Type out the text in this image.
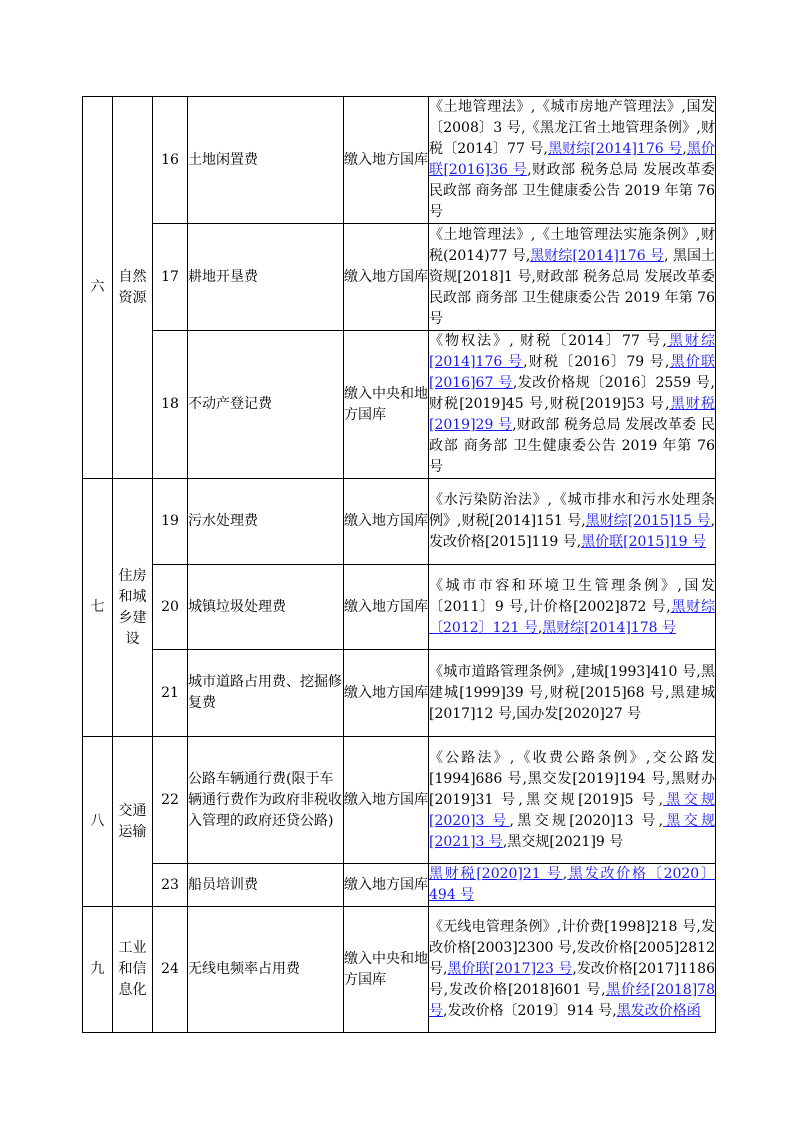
六	自然资源	16	土地闲置费	缴入地方国库	《土地管理法》,《城市房地产管理法》,国发〔2008〕3 号,《黑龙江省土地管理条例》,财税〔2014〕77 号,黑财综[2014]176 号,黑价联[2016]36 号,财政部 税务总局 发展改革委 民政部 商务部 卫生健康委公告 2019 年第 76 号
		17	耕地开垦费	缴入地方国库	《土地管理法》,《土地管理法实施条例》,财税(2014)77 号,黑财综[2014]176 号, 黑国土资规[2018]1 号,财政部 税务总局 发展改革委 民政部 商务部 卫生健康委公告 2019 年第 76 号
		18	不动产登记费	缴入中央和地方国库	《物权法》, 财税〔2014〕77 号,黑财综[2014]176 号,财税〔2016〕79 号,黑价联[2016]67 号,发改价格规〔2016〕2559 号,财税[2019]45 号,财税[2019]53 号,黑财税[2019]29 号,财政部 税务总局 发展改革委 民政部 商务部 卫生健康委公告 2019 年第 76 号
七	住房和城乡建设	19	污水处理费	缴入地方国库	《水污染防治法》,《城市排水和污水处理条例》,财税[2014]151 号,黑财综[2015]15 号,发改价格[2015]119 号,黑价联[2015]19 号
		20	城镇垃圾处理费	缴入地方国库	《城市市容和环境卫生管理条例》,国发〔2011〕9 号,计价格[2002]872 号,黑财综〔2012〕121 号,黑财综[2014]178 号
		21	城市道路占用费、挖掘修复费	缴入地方国库	《城市道路管理条例》,建城[1993]410 号,黑建城[1999]39 号,财税[2015]68 号,黑建城[2017]12 号,国办发[2020]27 号
八	交通运输	22	公路车辆通行费(限于车辆通行费作为政府非税收入管理的政府还贷公路)	缴入地方国库	《公路法》,《收费公路条例》,交公路发[1994]686 号,黑交发[2019]194 号,黑财办[2019]31 号,黑交规[2019]5 号,黑交规[2020]3 号,黑交规[2020]13 号,黑交规[2021]3 号,黑交规[2021]9 号
		23	船员培训费	缴入地方国库	黑财税[2020]21 号,黑发改价格〔2020〕494 号
九	工业和信息化	24	无线电频率占用费	缴入中央和地方国库	《无线电管理条例》,计价费[1998]218 号,发改价格[2003]2300 号,发改价格[2005]2812 号,黑价联[2017]23 号,发改价格[2017]1186 号,发改价格[2018]601 号,黑价经[2018]78 号,发改价格〔2019〕914 号,黑发改价格函
